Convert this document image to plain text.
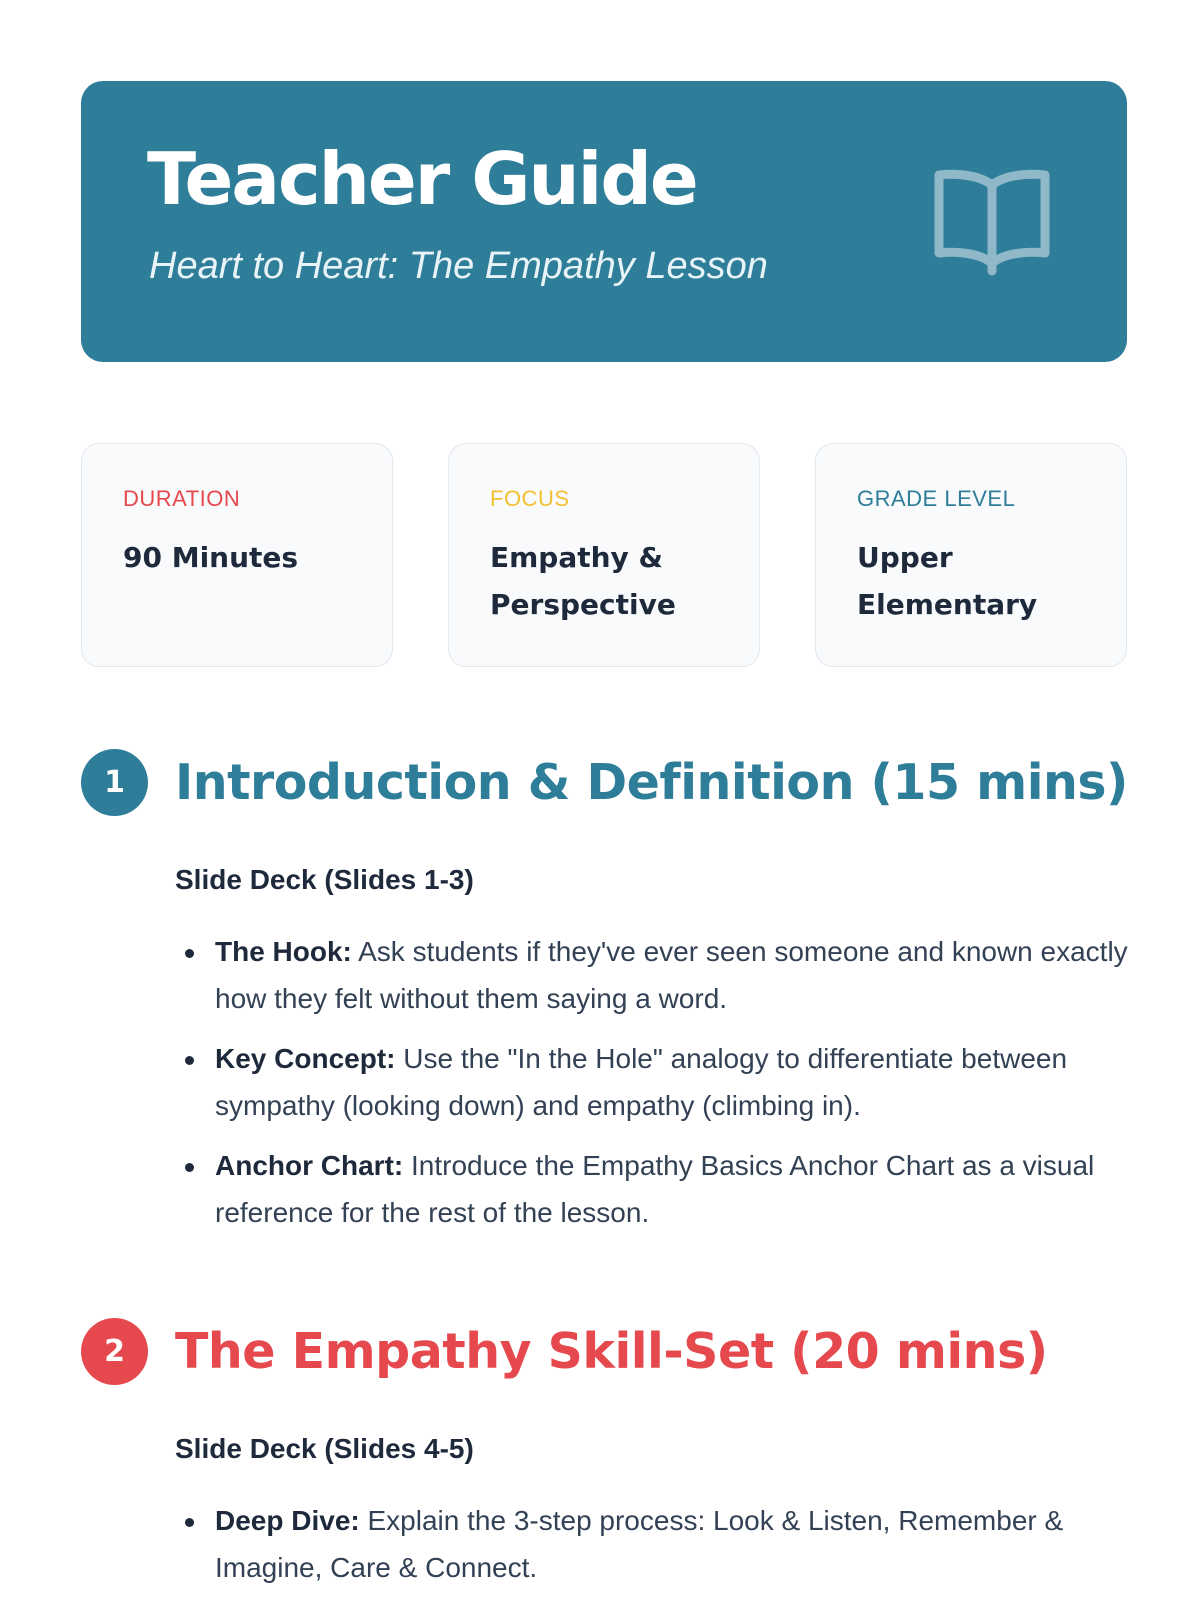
Teacher Guide
Heart to Heart: The Empathy Lesson
DURATION
90 Minutes
FOCUS
Empathy & Perspective
GRADE LEVEL
Upper Elementary
1	Introduction & Definition (15 mins)
Slide Deck (Slides 1-3)
The Hook: Ask students if they've ever seen someone and known exactly how they felt without them saying a word.
Key Concept: Use the "In the Hole" analogy to differentiate between sympathy (looking down) and empathy (climbing in).
Anchor Chart: Introduce the Empathy Basics Anchor Chart as a visual reference for the rest of the lesson.
2	The Empathy Skill-Set (20 mins)
Slide Deck (Slides 4-5)
Deep Dive: Explain the 3-step process: Look & Listen, Remember & Imagine, Care & Connect.
